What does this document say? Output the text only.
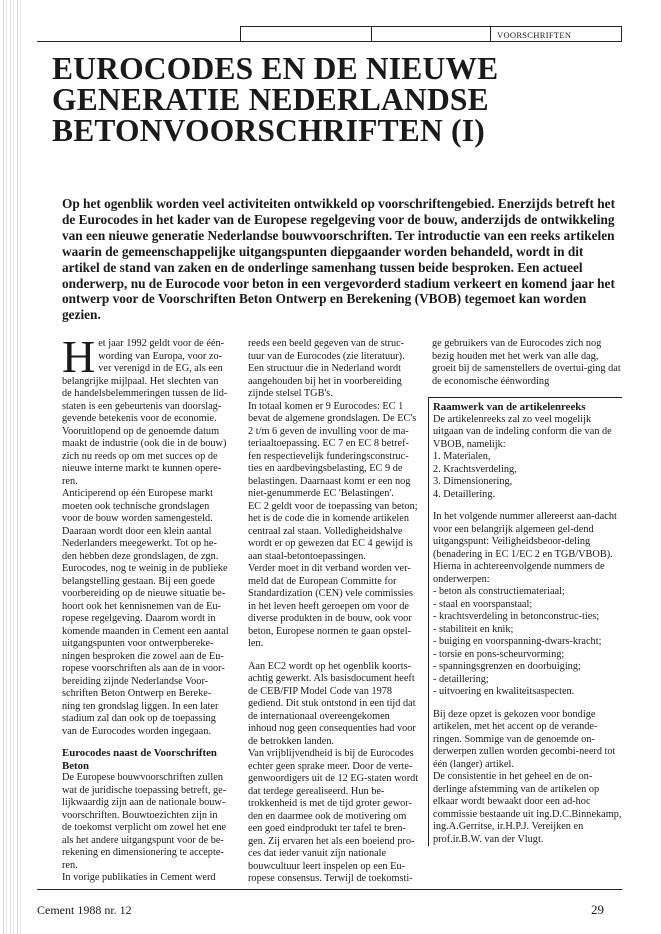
VOORSCHRIFTEN
EUROCODES EN DE NIEUWE GENERATIE NEDERLANDSE BETONVOORSCHRIFTEN (I)

Op het ogenblik worden veel activiteiten ontwikkeld op voorschriftengebied. Enerzijds betreft het de Eurocodes in het kader van de Europese regelgeving voor de bouw, anderzijds de ontwikkeling van een nieuwe generatie Nederlandse bouwvoorschriften. Ter introductie van een reeks artikelen waarin de gemeenschappelijke uitgangspunten diepgaander worden behandeld, wordt in dit artikel de stand van zaken en de onderlinge samenhang tussen beide besproken. Een actueel onderwerp, nu de Eurocode voor beton in een vergevorderd stadium verkeert en komend jaar het ontwerp voor de Voorschriften Beton Ontwerp en Berekening (VBOB) tegemoet kan worden gezien.

Het jaar 1992 geldt voor de één-wording van Europa, voor zo-ver verenigd in de EG, als een belangrijke mijlpaal. Het slechten van de handelsbelemmeringen tussen de lid-staten is een gebeurtenis van doorslag-gevende betekenis voor de economie. Vooruitlopend op de genoemde datum maakt de industrie (ook die in de bouw) zich nu reeds op om met succes op de nieuwe interne markt te kunnen opere-ren.

Anticiperend op één Europese markt moeten ook technische grondslagen voor de bouw worden samengesteld. Daaraan wordt door een klein aantal Nederlanders meegewerkt. Tot op he-den hebben deze grondslagen, de zgn. Eurocodes, nog te weinig in de publieke belangstelling gestaan. Bij een goede voorbereiding op de nieuwe situatie be-hoort ook het kennisnemen van de Eu-ropese regelgeving. Daarom wordt in komende maanden in Cement een aantal uitgangspunten voor ontwerpbereke-ningen besproken die zowel aan de Eu-ropese voorschriften als aan de in voor-bereiding zijnde Nederlandse Voor-schriften Beton Ontwerp en Bereke-ning ten grondslag liggen. In een later stadium zal dan ook op de toepassing van de Eurocodes worden ingegaan.

Eurocodes naast de Voorschriften Beton

De Europese bouwvoorschriften zullen wat de juridische toepassing betreft, ge-lijkwaardig zijn aan de nationale bouw-voorschriften. Bouwtoezichten zijn in de toekomst verplicht om zowel het ene als het andere uitgangspunt voor de be-rekening en dimensionering te accepte-ren.

In vorige publikaties in Cement werd

reeds een beeld gegeven van de struc-tuur van de Eurocodes (zie literatuur). Een structuur die in Nederland wordt aangehouden bij het in voorbereiding zijnde stelsel TGB's.

In totaal komen er 9 Eurocodes: EC 1 bevat de algemene grondslagen. De EC's 2 t/m 6 geven de invulling voor de ma-teriaaltoepassing. EC 7 en EC 8 betref-fen respectievelijk funderingsconstruc-ties en aardbevingsbelasting, EC 9 de belastingen. Daarnaast komt er een nog niet-genummerde EC 'Belastingen'.

EC 2 geldt voor de toepassing van beton; het is de code die in komende artikelen centraal zal staan. Volledigheidshalve wordt er op gewezen dat EC 4 gewijd is aan staal-betontoepassingen.

Verder moet in dit verband worden ver-meld dat de European Committe for Standardization (CEN) vele commissies in het leven heeft geroepen om voor de diverse produkten in de bouw, ook voor beton, Europese normen te gaan opstel-len.

Aan EC2 wordt op het ogenblik koorts-achtig gewerkt. Als basisdocument heeft de CEB/FIP Model Code van 1978 gediend. Dit stuk ontstond in een tijd dat de internationaal overeengekomen inhoud nog geen consequenties had voor de betrokken landen.

Van vrijblijvendheid is bij de Eurocodes echter geen sprake meer. Door de verte-genwoordigers uit de 12 EG-staten wordt dat terdege gerealiseerd. Hun be-trokkenheid is met de tijd groter gewor-den en daarmee ook de motivering om een goed eindprodukt ter tafel te bren-gen. Zij ervaren het als een boeiend pro-ces dat ieder vanuit zijn nationale bouwcultuur leert inspelen op een Eu-ropese consensus. Terwijl de toekomsti-

ge gebruikers van de Eurocodes zich nog bezig houden met het werk van alle dag, groeit bij de samenstellers de overtui-ging dat de economische éénwording

Raamwerk van de artikelenreeks

De artikelenreeks zal zo veel mogelijk uitgaan van de indeling conform die van de VBOB, namelijk:

1. Materialen,

2. Krachtsverdeling,

3. Dimensionering,

4. Detaillering.

In het volgende nummer allereerst aan-dacht voor een belangrijk algemeen gel-dend uitgangspunt: Veiligheidsbeoor-deling (benadering in EC 1/EC 2 en TGB/VBOB).

Hierna in achtereenvolgende nummers de onderwerpen:

- beton als constructiemateriaal;

- staal en voorspanstaal;

- krachtsverdeling in betonconstruc-ties;

- stabiliteit en knik;

- buiging en voorspanning-dwars-kracht;

- torsie en pons-scheurvorming;

- spanningsgrenzen en doorbuiging;

- detaillering;

- uitvoering en kwaliteitsaspecten.

Bij deze opzet is gekozen voor bondige artikelen, met het accent op de verande-ringen. Sommige van de genoemde on-derwerpen zullen worden gecombi-neerd tot één (langer) artikel.

De consistentie in het geheel en de on-derlinge afstemming van de artikelen op elkaar wordt bewaakt door een ad-hoc commissie bestaande uit ing.D.C.Binnekamp, ing.A.Gerritse, ir.H.P.J. Vereijken en prof.ir.B.W. van der Vlugt.

Cement 1988 nr. 12	29
